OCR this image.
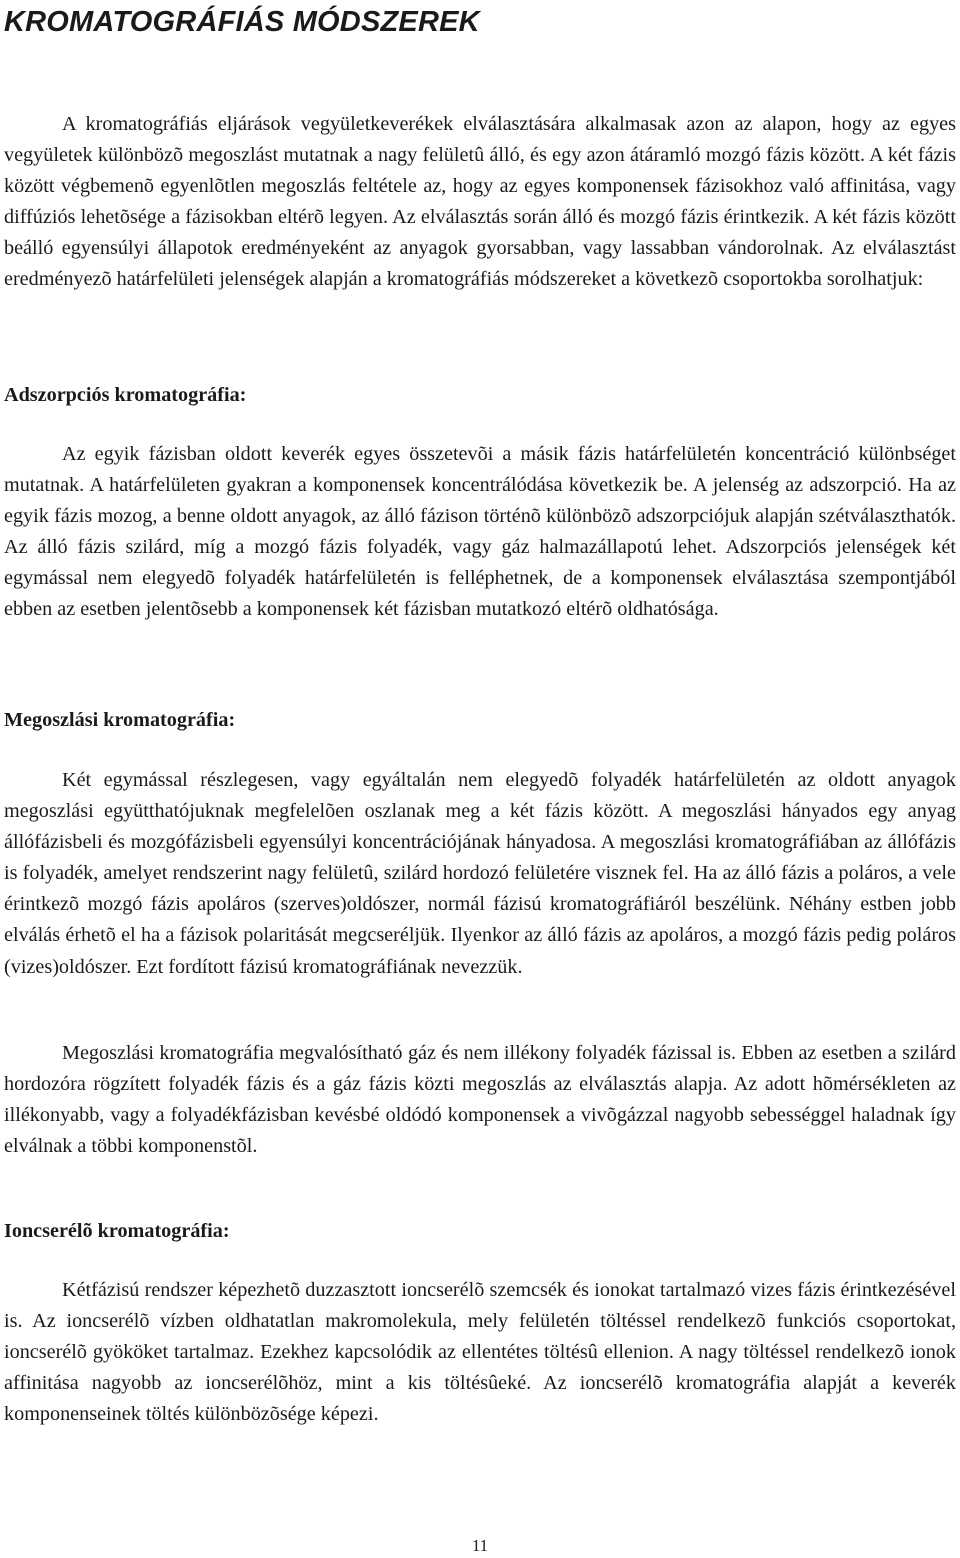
KROMATOGRÁFIÁS MÓDSZEREK

A kromatográfiás eljárások vegyületkeverékek elválasztására alkalmasak azon az alapon, hogy az egyes vegyületek különbözõ megoszlást mutatnak a nagy felületû álló, és egy azon átáramló mozgó fázis között. A két fázis között végbemenõ egyenlõtlen megoszlás feltétele az, hogy az egyes komponensek fázisokhoz való affinitása, vagy diffúziós lehetõsége a fázisokban eltérõ legyen. Az elválasztás során álló és mozgó fázis érintkezik. A két fázis között beálló egyensúlyi állapotok eredményeként az anyagok gyorsabban, vagy lassabban vándorolnak. Az elválasztást eredményezõ határfelületi jelenségek alapján a kromatográfiás módszereket a következõ csoportokba sorolhatjuk:

Adszorpciós kromatográfia:

Az egyik fázisban oldott keverék egyes összetevõi a másik fázis határfelületén koncentráció különbséget mutatnak. A határfelületen gyakran a komponensek koncentrálódása következik be. A jelenség az adszorpció. Ha az egyik fázis mozog, a benne oldott anyagok, az álló fázison történõ különbözõ adszorpciójuk alapján szétválaszthatók. Az álló fázis szilárd, míg a mozgó fázis folyadék, vagy gáz halmazállapotú lehet. Adszorpciós jelenségek két egymással nem elegyedõ folyadék határfelületén is felléphetnek, de a komponensek elválasztása szempontjából ebben az esetben jelentõsebb a komponensek két fázisban mutatkozó eltérõ oldhatósága.

Megoszlási kromatográfia:

Két egymással részlegesen, vagy egyáltalán nem elegyedõ folyadék határfelületén az oldott anyagok megoszlási együtthatójuknak megfelelõen oszlanak meg a két fázis között. A megoszlási hányados egy anyag állófázisbeli és mozgófázisbeli egyensúlyi koncentrációjának hányadosa. A megoszlási kromatográfiában az állófázis is folyadék, amelyet rendszerint nagy felületû, szilárd hordozó felületére visznek fel. Ha az álló fázis a poláros, a vele érintkezõ mozgó fázis apoláros (szerves)oldószer, normál fázisú kromatográfiáról beszélünk. Néhány estben jobb elválás érhetõ el ha a fázisok polaritását megcseréljük. Ilyenkor az álló fázis az apoláros, a mozgó fázis pedig poláros (vizes)oldószer. Ezt fordított fázisú kromatográfiának nevezzük.

Megoszlási kromatográfia megvalósítható gáz és nem illékony folyadék fázissal is. Ebben az esetben a szilárd hordozóra rögzített folyadék fázis és a gáz fázis közti megoszlás az elválasztás alapja. Az adott hõmérsékleten az illékonyabb, vagy a folyadékfázisban kevésbé oldódó komponensek a vivõgázzal nagyobb sebességgel haladnak így elválnak a többi komponenstõl.

Ioncserélõ kromatográfia:

Kétfázisú rendszer képezhetõ duzzasztott ioncserélõ szemcsék és ionokat tartalmazó vizes fázis érintkezésével is. Az ioncserélõ vízben oldhatatlan makromolekula, mely felületén töltéssel rendelkezõ funkciós csoportokat, ioncserélõ gyököket tartalmaz. Ezekhez kapcsolódik az ellentétes töltésû ellenion. A nagy töltéssel rendelkezõ ionok affinitása nagyobb az ioncserélõhöz, mint a kis töltésûeké. Az ioncserélõ kromatográfia alapját a keverék komponenseinek töltés különbözõsége képezi.

11
